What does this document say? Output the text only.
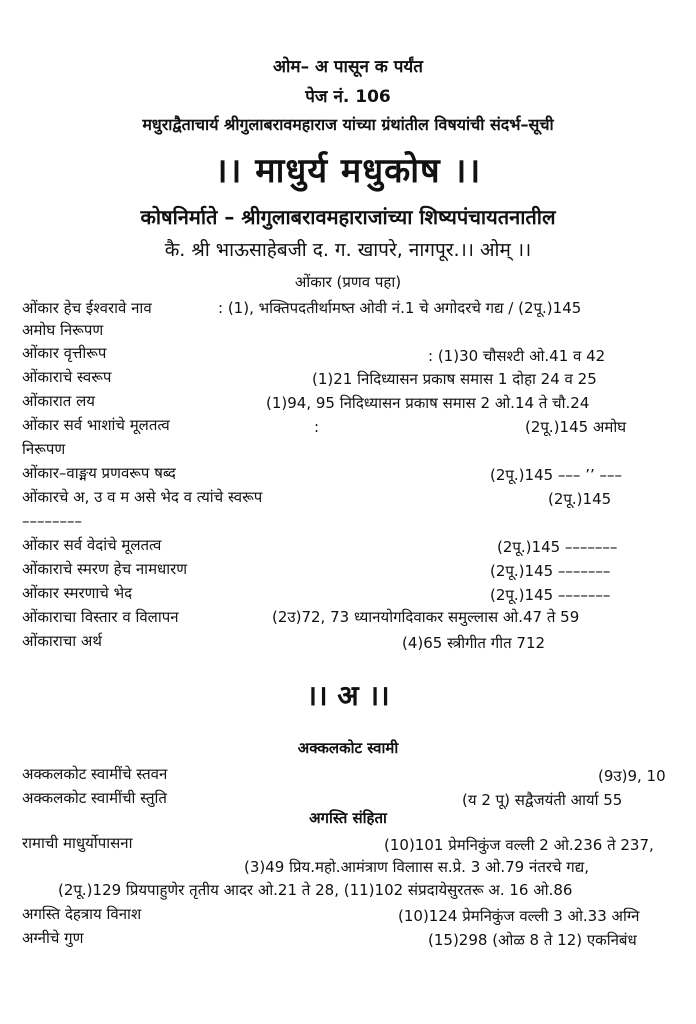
ओम– अ पासून क पर्यंत
पेज नं. 106
मधुराद्वैताचार्य श्रीगुलाबरावमहाराज यांच्या ग्रंथांतील विषयांची संदर्भ–सूची
।। माधुर्य मधुकोष ।।
कोषनिर्माते – श्रीगुलाबरावमहाराजांच्या शिष्यपंचायतनातील
कै. श्री भाऊसाहेबजी द. ग. खापरे, नागपूर.।। ओम् ।।
ओंकार (प्रणव पहा)
ओंकार हेच ईश्वरावे नाव	: (1), भक्तिपदतीर्थामष्त ओवी नं.1 चे अगोदरचे गद्य ∕ (2पू.)145
अमोघ निरूपण
ओंकार वृत्तीरूप	: (1)30 चौसश्टी ओ.41 व 42
ओंकाराचे स्वरूप	(1)21 निदिध्यासन प्रकाष समास 1 दोहा 24 व 25
ओंकारात लय	(1)94, 95 निदिध्यासन प्रकाष समास 2 ओ.14 ते चौ.24
ओंकार सर्व भाशांचे मूलतत्व	:	(2पू.)145 अमोघ
निरूपण
ओंकार–वाङ्मय प्रणवरूप षब्द	(2पू.)145 ––– ’’ –––
ओंकारचे अ, उ व म असे भेद व त्यांचे स्वरूप	(2पू.)145
––––––––
ओंकार सर्व वेदांचे मूलतत्व	(2पू.)145 –––––––
ओंकाराचे स्मरण हेच नामधारण	(2पू.)145 –––––––
ओंकार स्मरणाचे भेद	(2पू.)145 –––––––
ओंकाराचा विस्तार व विलापन	(2उ)72, 73 ध्यानयोगदिवाकर समुल्लास ओ.47 ते 59
ओंकाराचा अर्थ	(4)65 स्त्रीगीत गीत 712
।। अ ।।
अक्कलकोट स्वामी
अक्कलकोट स्वामींचे स्तवन	(9उ)9, 10
अक्कलकोट स्वामींची स्तुति	(य 2 पू) सद्वैजयंती आर्या 55
अगस्ति संहिता
रामाची माधुर्योपासना	(10)101 प्रेमनिकुंज वल्ली 2 ओ.236 ते 237,
(3)49 प्रिय.महो.आमंत्राण विलाास स.प्रे. 3 ओ.79 नंतरचे गद्य,
(2पू.)129 प्रियपाहुणेर तृतीय आदर ओ.21 ते 28, (11)102 संप्रदायेसुरतरू अ. 16 ओ.86
अगस्ति देहत्राय विनाश	(10)124 प्रेमनिकुंज वल्ली 3 ओ.33 अग्नि
अग्नीचे गुण	(15)298 (ओळ 8 ते 12) एकनिबंध
